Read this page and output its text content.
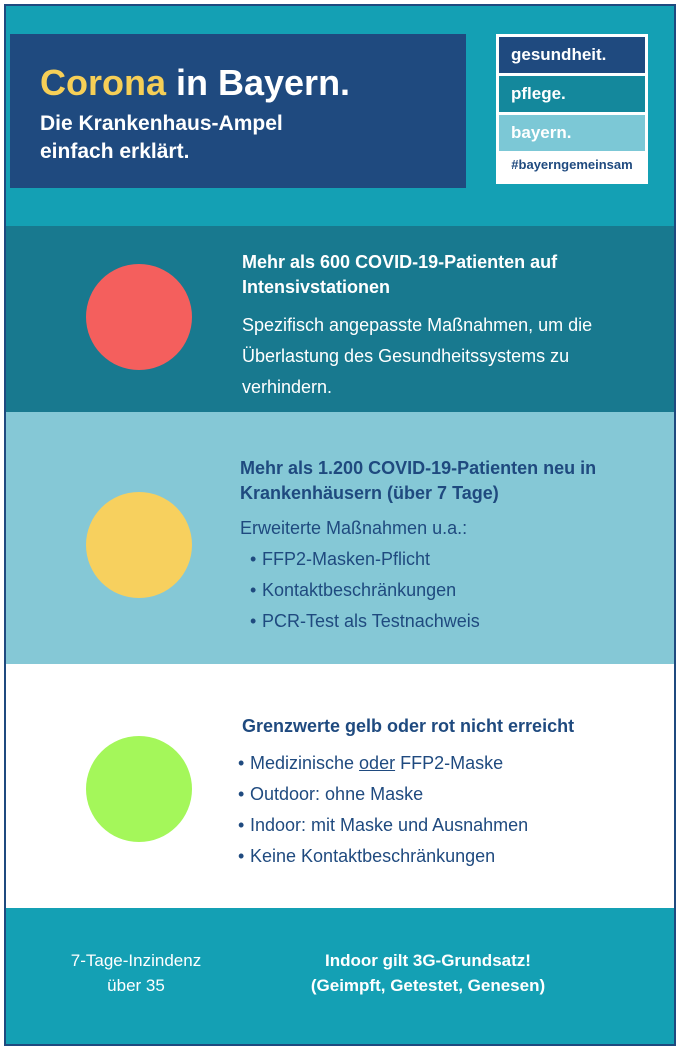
Corona in Bayern.
Die Krankenhaus-Ampel einfach erklärt.
gesundheit.
pflege.
bayern.
#bayerngemeinsam
Mehr als 600 COVID-19-Patienten auf Intensivstationen
Spezifisch angepasste Maßnahmen, um die Überlastung des Gesundheitssystems zu verhindern.
Mehr als 1.200 COVID-19-Patienten neu in Krankenhäusern (über 7 Tage)
Erweiterte Maßnahmen u.a.:
• FFP2-Masken-Pflicht
• Kontaktbeschränkungen
• PCR-Test als Testnachweis
Grenzwerte gelb oder rot nicht erreicht
• Medizinische oder FFP2-Maske
• Outdoor: ohne Maske
• Indoor: mit Maske und Ausnahmen
• Keine Kontaktbeschränkungen
7-Tage-Inzindenz
über 35
Indoor gilt 3G-Grundsatz!
(Geimpft, Getestet, Genesen)
